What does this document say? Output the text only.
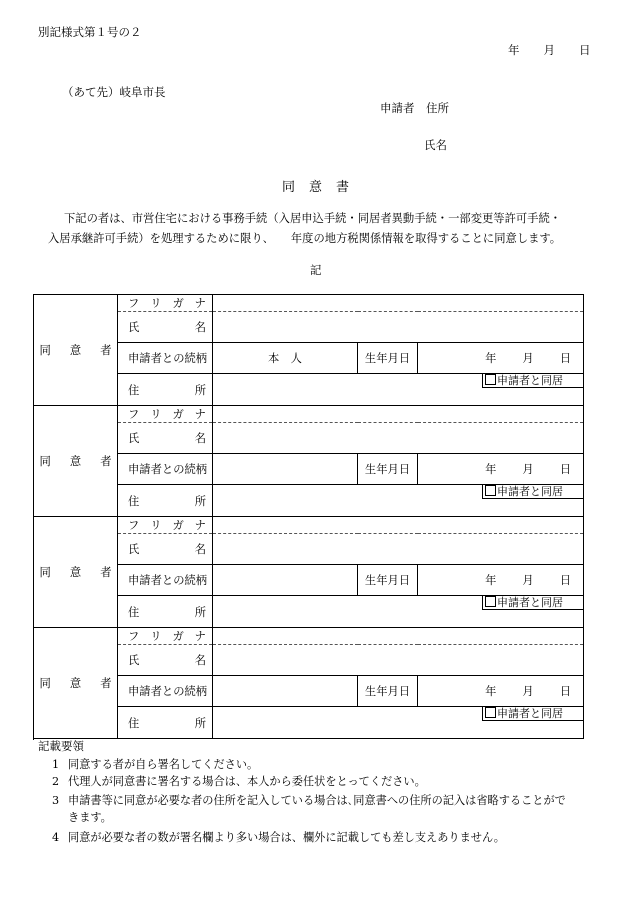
別記様式第１号の２
年 月 日
（あて先）岐阜市長
申請者　住所
氏名
同意書
下記の者は、市営住宅における事務手続（入居申込手続・同居者異動手続・一部変更等許可手続・
入居承継許可手続）を処理するために限り、　　年度の地方税関係情報を取得することに同意します。
記
同意者	フ リ ガ ナ			

	氏 名			

	申請者との続柄	本　人	生年月日	年 月 日

	住 所	申請者と同居		

同意者	フ リ ガ ナ			

	氏 名			

	申請者との続柄		生年月日	年 月 日

	住 所	申請者と同居		

同意者	フ リ ガ ナ			

	氏 名			

	申請者との続柄		生年月日	年 月 日

	住 所	申請者と同居		

同意者	フ リ ガ ナ			

	氏 名			

	申請者との続柄		生年月日	年 月 日

	住 所	申請者と同居		

記載要領
1 同意する者が自ら署名してください。
2 代理人が同意書に署名する場合は、本人から委任状をとってください。
3 申請書等に同意が必要な者の住所を記入している場合は､同意書への住所の記入は省略することがで
きます。
4 同意が必要な者の数が署名欄より多い場合は、欄外に記載しても差し支えありません。
